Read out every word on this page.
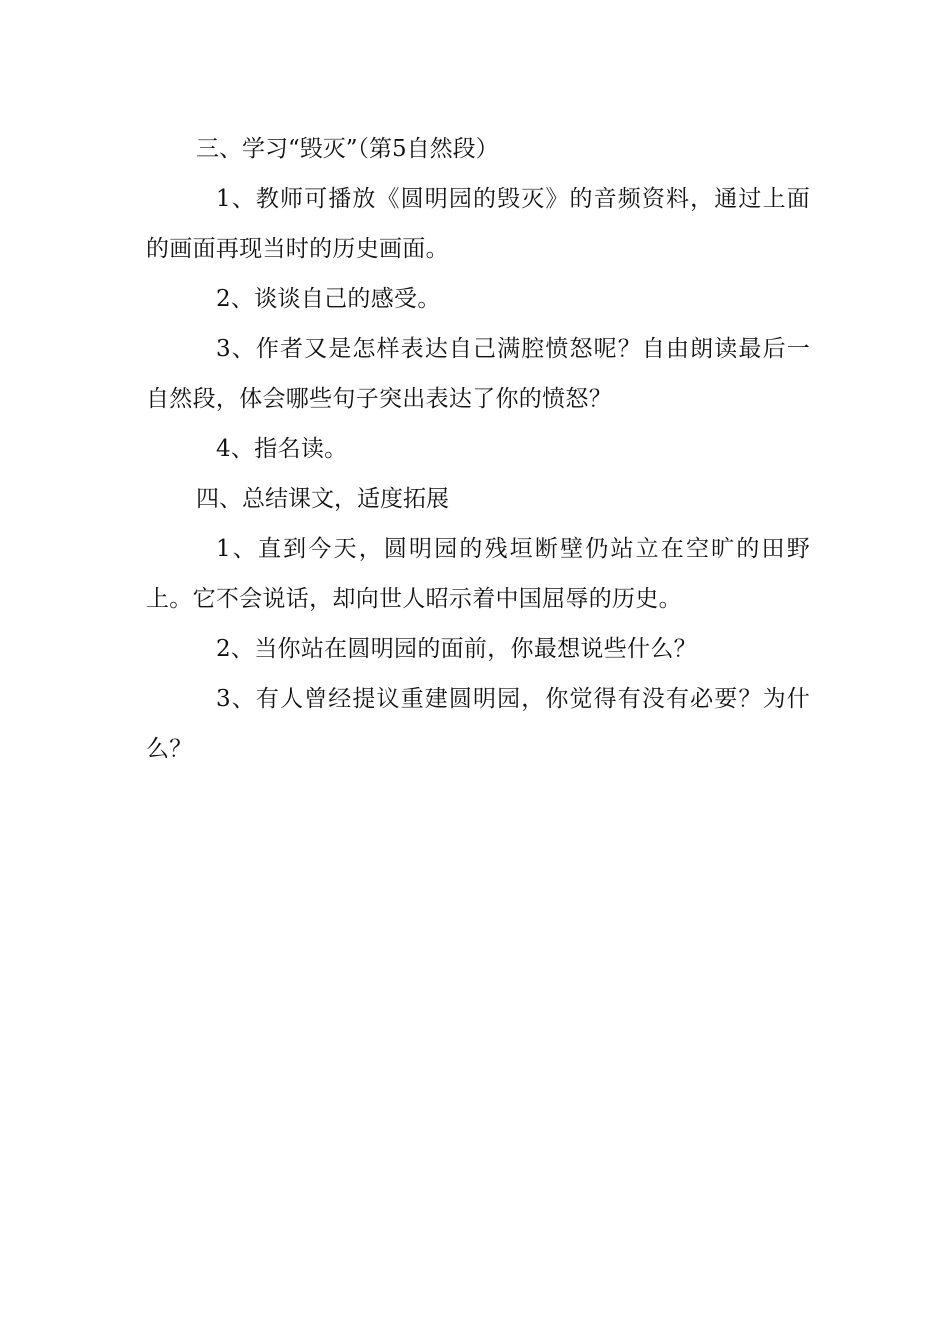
三、学习“毁灭”（第5自然段）

1、教师可播放《圆明园的毁灭》的音频资料，通过上面的画面再现当时的历史画面。

2、谈谈自己的感受。

3、作者又是怎样表达自己满腔愤怒呢？自由朗读最后一自然段，体会哪些句子突出表达了你的愤怒？

4、指名读。

四、总结课文，适度拓展

1、直到今天，圆明园的残垣断壁仍站立在空旷的田野上。它不会说话，却向世人昭示着中国屈辱的历史。

2、当你站在圆明园的面前，你最想说些什么？

3、有人曾经提议重建圆明园，你觉得有没有必要？为什么？
